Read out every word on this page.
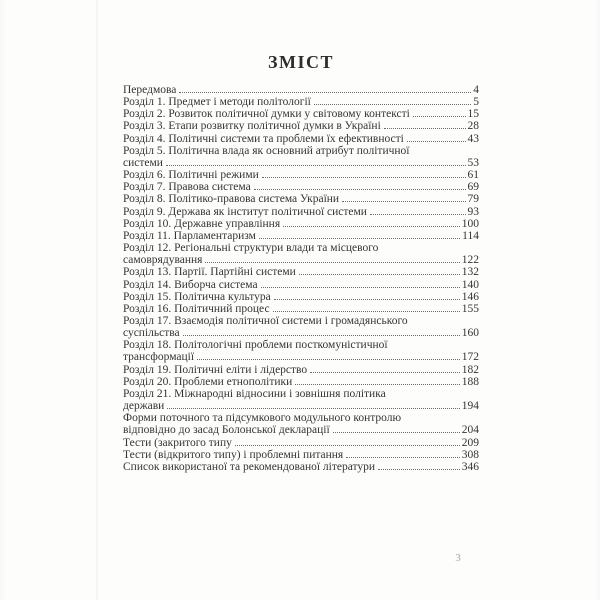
ЗМІСТ
Передмова	4
Розділ 1. Предмет і методи політології	5
Розділ 2. Розвиток політичної думки у світовому контексті	15
Розділ 3. Етапи розвитку політичної думки в Україні	28
Розділ 4. Політичні системи та проблеми їх ефективності	43
Розділ 5. Політична влада як основний атрибут політичної
системи	53
Розділ 6. Політичні режими	61
Розділ 7. Правова система	69
Розділ 8. Політико-правова система України	79
Розділ 9. Держава як інститут політичної системи	93
Розділ 10. Державне управління	100
Розділ 11. Парламентаризм	114
Розділ 12. Регіональні структури влади та місцевого
самоврядування	122
Розділ 13. Партії. Партійні системи	132
Розділ 14. Виборча система	140
Розділ 15. Політична культура	146
Розділ 16. Політичний процес	155
Розділ 17. Взаємодія політичної системи і громадянського
суспільства	160
Розділ 18. Політологічні проблеми посткомуністичної
трансформації	172
Розділ 19. Політичні еліти і лідерство	182
Розділ 20. Проблеми етнополітики	188
Розділ 21. Міжнародні відносини і зовнішня політика
держави	194
Форми поточного та підсумкового модульного контролю
відповідно до засад Болонської декларації	204
Тести (закритого типу	209
Тести (відкритого типу) і проблемні питання	308
Список використаної та рекомендованої літератури	346
3
